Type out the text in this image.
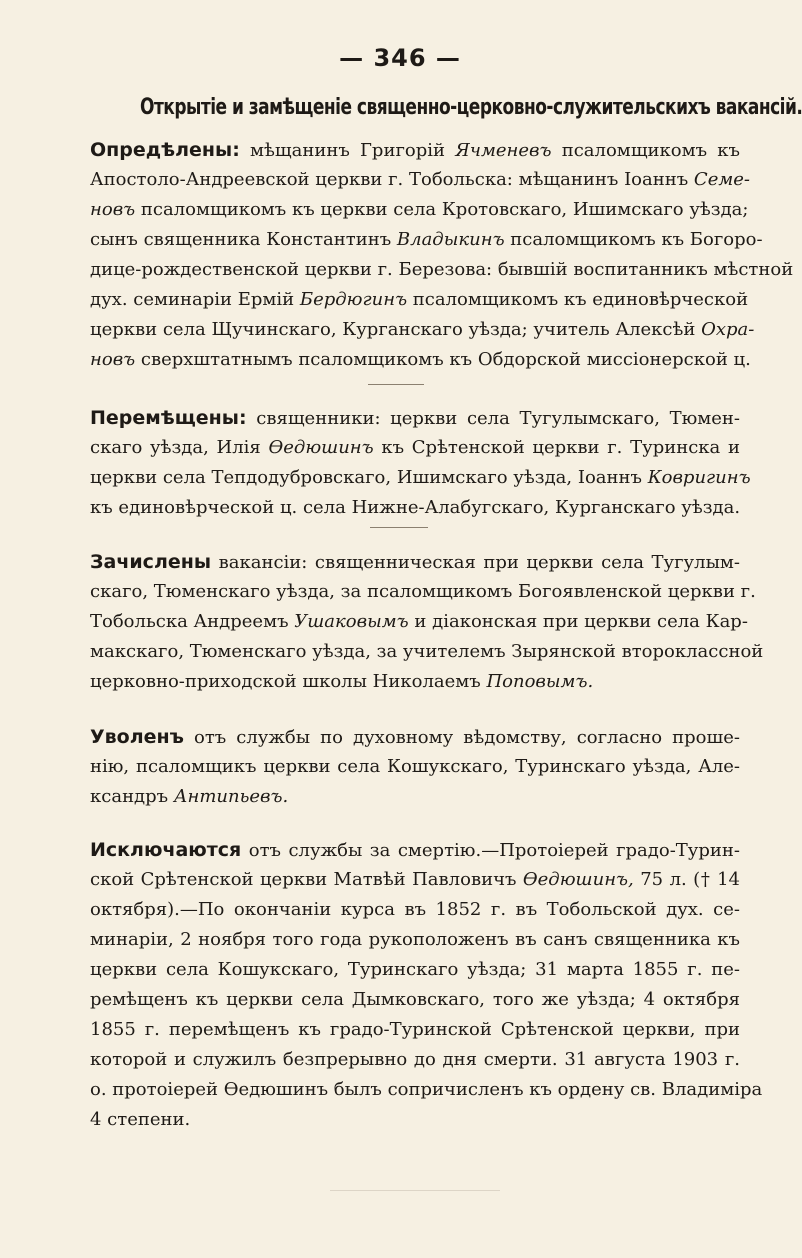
— 346 —
Открытіе и замѣщеніе священно-церковно-служительскихъ вакансій.
Опредѣлены: мѣщанинъ Григорій Ячменевъ псаломщикомъ къ
Апостоло-Андреевской церкви г. Тобольска: мѣщанинъ Іоаннъ Семе-
новъ псаломщикомъ къ церкви села Кротовскаго, Ишимскаго уѣзда;
сынъ священника Константинъ Владыкинъ псаломщикомъ къ Богоро-
дице-рождественской церкви г. Березова: бывшій воспитанникъ мѣстной
дух. семинаріи Ермій Бердюгинъ псаломщикомъ къ единовѣрческой
церкви села Щучинскаго, Курганскаго уѣзда; учитель Алексѣй Охра-
новъ сверхштатнымъ псаломщикомъ къ Обдорской миссіонерской ц.
Перемѣщены: священники: церкви села Тугулымскаго, Тюмен-
скаго уѣзда, Илія Ѳедюшинъ къ Срѣтенской церкви г. Туринска и
церкви села Тепдодубровскаго, Ишимскаго уѣзда, Іоаннъ Ковригинъ
къ единовѣрческой ц. села Нижне-Алабугскаго, Курганскаго уѣзда.
Зачислены вакансіи: священническая при церкви села Тугулым-
скаго, Тюменскаго уѣзда, за псаломщикомъ Богоявленской церкви г.
Тобольска Андреемъ Ушаковымъ и діаконская при церкви села Кар-
макскаго, Тюменскаго уѣзда, за учителемъ Зырянской второклассной
церковно-приходской школы Николаемъ Поповымъ.
Уволенъ отъ службы по духовному вѣдомству, согласно проше-
нію, псаломщикъ церкви села Кошукскаго, Туринскаго уѣзда, Але-
ксандръ Антипьевъ.
Исключаются отъ службы за смертію.—Протоіерей градо-Турин-
ской Срѣтенской церкви Матвѣй Павловичъ Ѳедюшинъ, 75 л. († 14
октября).—По окончаніи курса въ 1852 г. въ Тобольской дух. се-
минаріи, 2 ноября того года рукоположенъ въ санъ священника къ
церкви села Кошукскаго, Туринскаго уѣзда; 31 марта 1855 г. пе-
ремѣщенъ къ церкви села Дымковскаго, того же уѣзда; 4 октября
1855 г. перемѣщенъ къ градо-Туринской Срѣтенской церкви, при
которой и служилъ безпрерывно до дня смерти. 31 августа 1903 г.
о. протоіерей Ѳедюшинъ былъ сопричисленъ къ ордену св. Владиміра
4 степени.
